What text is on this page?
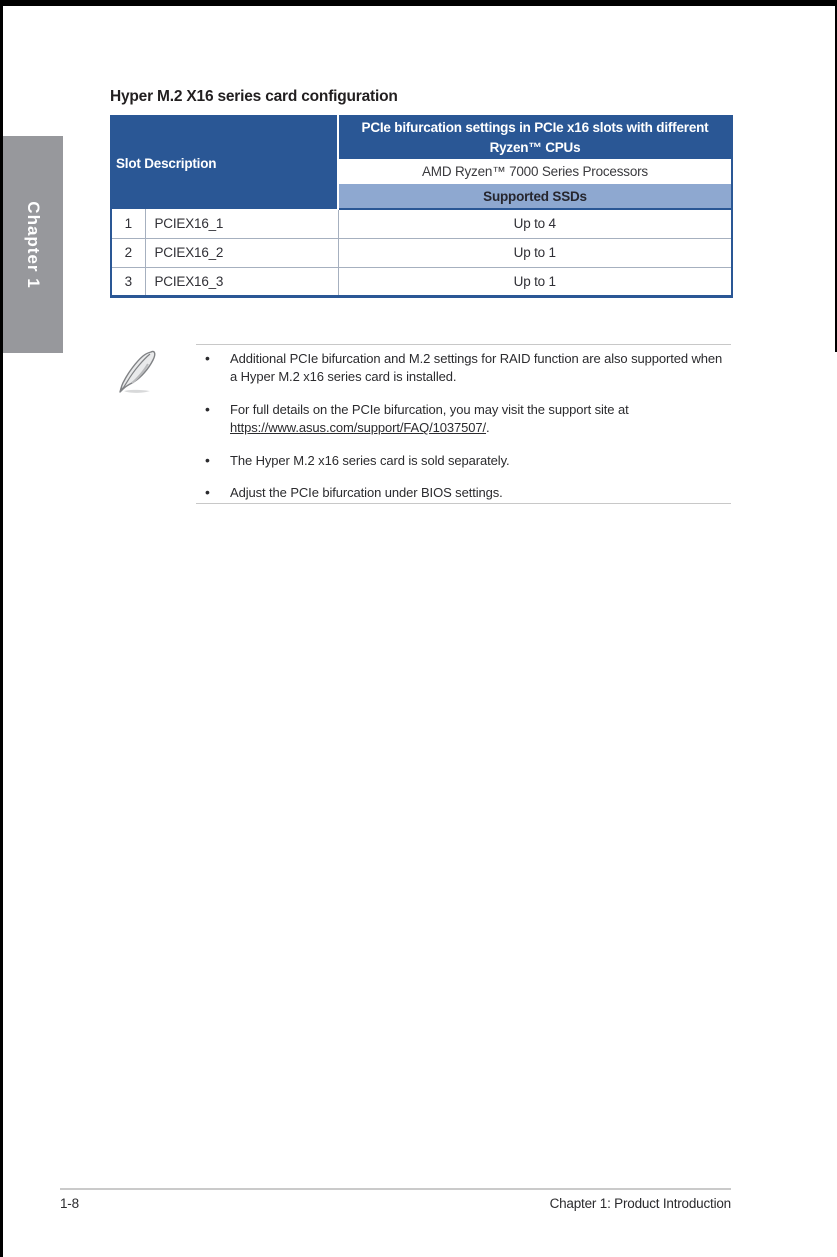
Chapter 1
Hyper M.2 X16 series card configuration
Slot Description		PCIe bifurcation settings in PCIe x16 slots with different Ryzen™ CPUs
		AMD Ryzen™ 7000 Series Processors
		Supported SSDs
1	PCIEX16_1	Up to 4
2	PCIEX16_2	Up to 1
3	PCIEX16_3	Up to 1
• Additional PCIe bifurcation and M.2 settings for RAID function are also supported when a Hyper M.2 x16 series card is installed.
• For full details on the PCIe bifurcation, you may visit the support site at https://www.asus.com/support/FAQ/1037507/.
• The Hyper M.2 x16 series card is sold separately.
• Adjust the PCIe bifurcation under BIOS settings.
1-8	Chapter 1: Product Introduction
